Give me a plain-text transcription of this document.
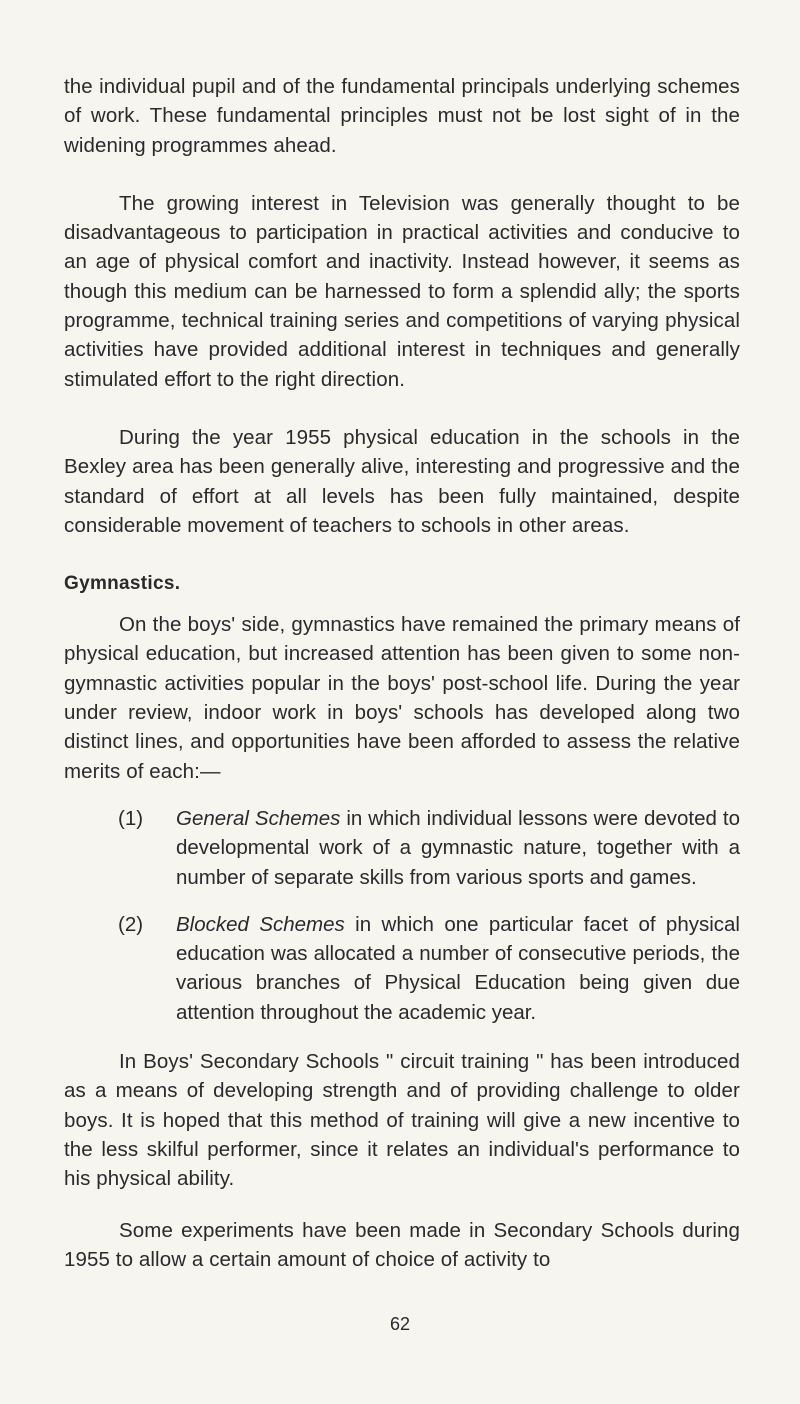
the individual pupil and of the fundamental principals underlying schemes of work. These fundamental principles must not be lost sight of in the widening programmes ahead.

The growing interest in Television was generally thought to be disadvantageous to participation in practical activities and conducive to an age of physical comfort and inactivity. Instead however, it seems as though this medium can be harnessed to form a splendid ally; the sports programme, technical training series and competitions of varying physical activities have provided additional interest in techniques and generally stimulated effort to the right direction.

During the year 1955 physical education in the schools in the Bexley area has been generally alive, interesting and progressive and the standard of effort at all levels has been fully maintained, despite considerable movement of teachers to schools in other areas.

Gymnastics.

On the boys' side, gymnastics have remained the primary means of physical education, but increased attention has been given to some non-gymnastic activities popular in the boys' post-school life. During the year under review, indoor work in boys' schools has developed along two distinct lines, and opportunities have been afforded to assess the relative merits of each:—

(1) General Schemes in which individual lessons were devoted to developmental work of a gymnastic nature, together with a number of separate skills from various sports and games.

(2) Blocked Schemes in which one particular facet of physical education was allocated a number of consecutive periods, the various branches of Physical Education being given due attention throughout the academic year.

In Boys' Secondary Schools " circuit training " has been introduced as a means of developing strength and of providing challenge to older boys. It is hoped that this method of training will give a new incentive to the less skilful performer, since it relates an individual's performance to his physical ability.

Some experiments have been made in Secondary Schools during 1955 to allow a certain amount of choice of activity to

62
